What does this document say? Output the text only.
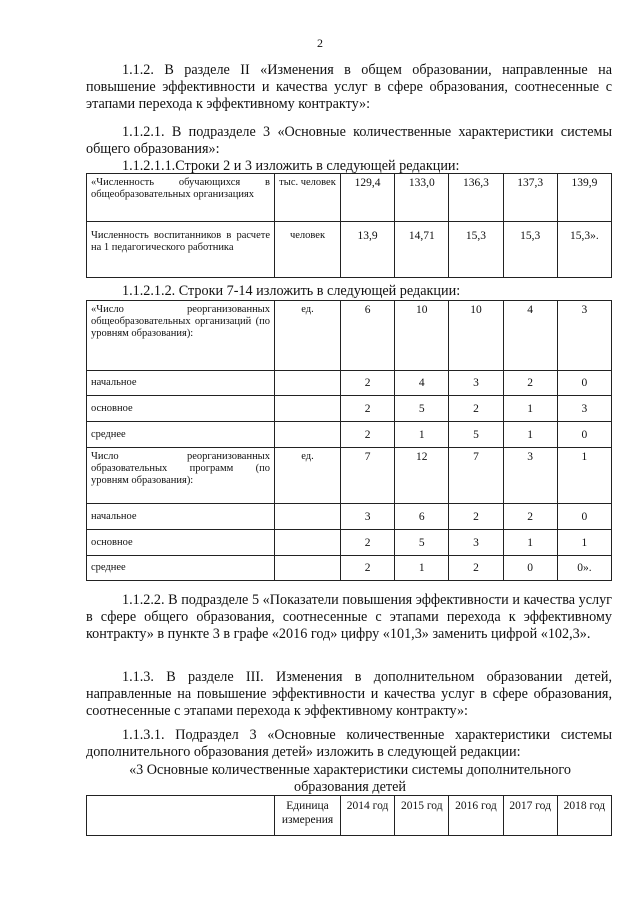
2
1.1.2. В разделе II «Изменения в общем образовании, направленные на повышение эффективности и качества услуг в сфере образования, соотнесенные с этапами перехода к эффективному контракту»:
1.1.2.1. В подразделе 3 «Основные количественные характеристики системы общего образования»:
1.1.2.1.1.Строки 2 и 3 изложить в следующей редакции:
«Численность обучающихся в общеобразовательных организациях	тыс. человек	129,4	133,0	136,3	137,3	139,9
Численность воспитанников в расчете на 1 педагогического работника	человек	13,9	14,71	15,3	15,3	15,3».
1.1.2.1.2. Строки 7-14 изложить в следующей редакции:
«Число реорганизованных общеобразовательных организаций (по уровням образования):	ед.	6	10	10	4	3
начальное		2	4	3	2	0
основное		2	5	2	1	3
среднее		2	1	5	1	0
Число реорганизованных образовательных программ (по уровням образования):	ед.	7	12	7	3	1
начальное		3	6	2	2	0
основное		2	5	3	1	1
среднее		2	1	2	0	0».
1.1.2.2. В подразделе 5 «Показатели повышения эффективности и качества услуг в сфере общего образования, соотнесенные с этапами перехода к эффективному контракту» в пункте 3 в графе «2016 год» цифру «101,3» заменить цифрой «102,3».
1.1.3. В разделе III. Изменения в дополнительном образовании детей, направленные на повышение эффективности и качества услуг в сфере образования, соотнесенные с этапами перехода к эффективному контракту»:
1.1.3.1. Подраздел 3 «Основные количественные характеристики системы дополнительного образования детей» изложить в следующей редакции:
«3 Основные количественные характеристики системы дополнительного образования детей
	Единица измерения	2014 год	2015 год	2016 год	2017 год	2018 год
